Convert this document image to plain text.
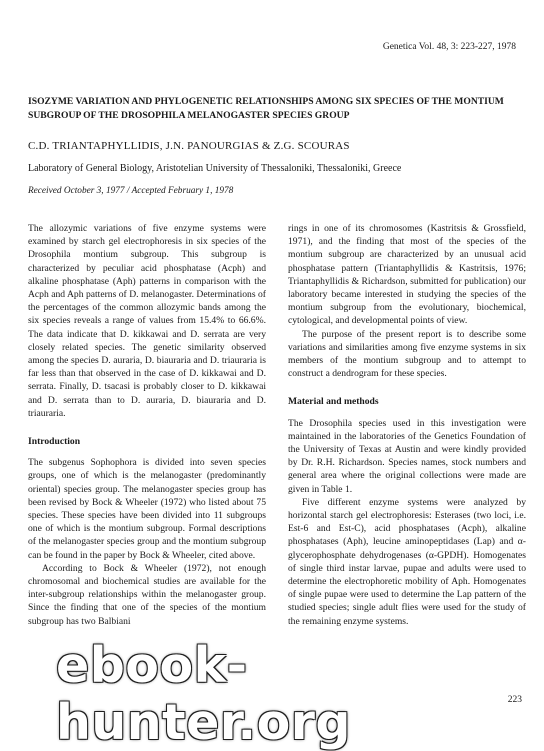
Genetica Vol. 48, 3: 223-227, 1978
ISOZYME VARIATION AND PHYLOGENETIC RELATIONSHIPS AMONG SIX SPECIES OF THE MONTIUM SUBGROUP OF THE DROSOPHILA MELANOGASTER SPECIES GROUP
C.D. TRIANTAPHYLLIDIS, J.N. PANOURGIAS & Z.G. SCOURAS
Laboratory of General Biology, Aristotelian University of Thessaloniki, Thessaloniki, Greece
Received October 3, 1977 / Accepted February 1, 1978

The allozymic variations of five enzyme systems were examined by starch gel electrophoresis in six species of the Drosophila montium subgroup. This subgroup is characterized by peculiar acid phosphatase (Acph) and alkaline phosphatase (Aph) patterns in comparison with the Acph and Aph patterns of D. melanogaster. Determinations of the percentages of the common allozymic bands among the six species reveals a range of values from 15.4% to 66.6%. The data indicate that D. kikkawai and D. serrata are very closely related species. The genetic similarity observed among the species D. auraria, D. biauraria and D. triauraria is far less than that observed in the case of D. kikkawai and D. serrata. Finally, D. tsacasi is probably closer to D. kikkawai and D. serrata than to D. auraria, D. biauraria and D. triauraria.

Introduction

The subgenus Sophophora is divided into seven species groups, one of which is the melanogaster (predominantly oriental) species group. The melanogaster species group has been revised by Bock & Wheeler (1972) who listed about 75 species. These species have been divided into 11 subgroups one of which is the montium subgroup. Formal descriptions of the melanogaster species group and the montium subgroup can be found in the paper by Bock & Wheeler, cited above.

According to Bock & Wheeler (1972), not enough chromosomal and biochemical studies are available for the inter-subgroup relationships within the melanogaster group. Since the finding that one of the species of the montium subgroup has two Balbiani

rings in one of its chromosomes (Kastritsis & Grossfield, 1971), and the finding that most of the species of the montium subgroup are characterized by an unusual acid phosphatase pattern (Triantaphyllidis & Kastritsis, 1976; Triantaphyllidis & Richardson, submitted for publication) our laboratory became interested in studying the species of the montium subgroup from the evolutionary, biochemical, cytological, and developmental points of view.

The purpose of the present report is to describe some variations and similarities among five enzyme systems in six members of the montium subgroup and to attempt to construct a dendrogram for these species.

Material and methods

The Drosophila species used in this investigation were maintained in the laboratories of the Genetics Foundation of the University of Texas at Austin and were kindly provided by Dr. R.H. Richardson. Species names, stock numbers and general area where the original collections were made are given in Table 1.

Five different enzyme systems were analyzed by horizontal starch gel electrophoresis: Esterases (two loci, i.e. Est-6 and Est-C), acid phosphatases (Acph), alkaline phosphatases (Aph), leucine aminopeptidases (Lap) and α-glycerophosphate dehydrogenases (α-GPDH). Homogenates of single third instar larvae, pupae and adults were used to determine the electrophoretic mobility of Aph. Homogenates of single pupae were used to determine the Lap pattern of the studied species; single adult flies were used for the study of the remaining enzyme systems.

223
ebook-hunter.org
